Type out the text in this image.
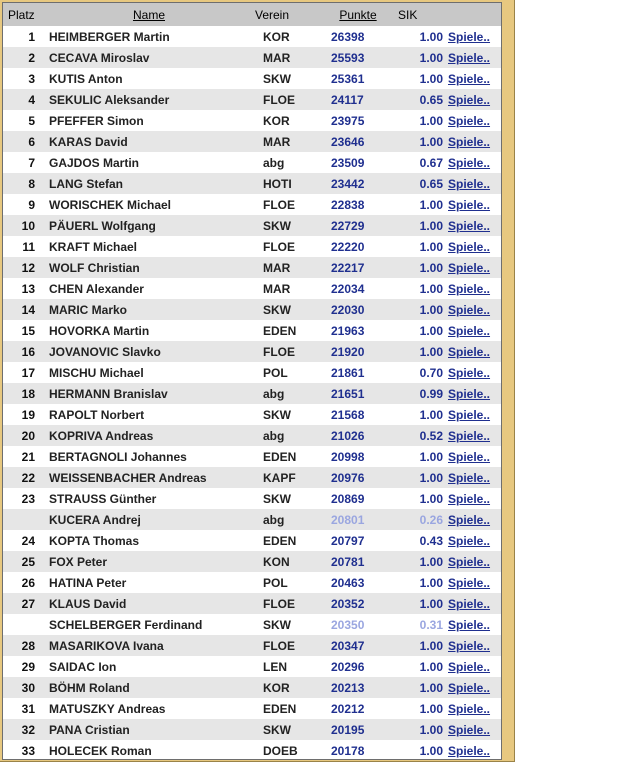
Platz	Name	Verein	Punkte	SIK	
1	HEIMBERGER Martin	KOR	26398	1.00	Spiele..
2	CECAVA Miroslav	MAR	25593	1.00	Spiele..
3	KUTIS Anton	SKW	25361	1.00	Spiele..
4	SEKULIC Aleksander	FLOE	24117	0.65	Spiele..
5	PFEFFER Simon	KOR	23975	1.00	Spiele..
6	KARAS David	MAR	23646	1.00	Spiele..
7	GAJDOS Martin	abg	23509	0.67	Spiele..
8	LANG Stefan	HOTI	23442	0.65	Spiele..
9	WORISCHEK Michael	FLOE	22838	1.00	Spiele..
10	PÄUERL Wolfgang	SKW	22729	1.00	Spiele..
11	KRAFT Michael	FLOE	22220	1.00	Spiele..
12	WOLF Christian	MAR	22217	1.00	Spiele..
13	CHEN Alexander	MAR	22034	1.00	Spiele..
14	MARIC Marko	SKW	22030	1.00	Spiele..
15	HOVORKA Martin	EDEN	21963	1.00	Spiele..
16	JOVANOVIC Slavko	FLOE	21920	1.00	Spiele..
17	MISCHU Michael	POL	21861	0.70	Spiele..
18	HERMANN Branislav	abg	21651	0.99	Spiele..
19	RAPOLT Norbert	SKW	21568	1.00	Spiele..
20	KOPRIVA Andreas	abg	21026	0.52	Spiele..
21	BERTAGNOLI Johannes	EDEN	20998	1.00	Spiele..
22	WEISSENBACHER Andreas	KAPF	20976	1.00	Spiele..
23	STRAUSS Günther	SKW	20869	1.00	Spiele..
	KUCERA Andrej	abg	20801	0.26	Spiele..
24	KOPTA Thomas	EDEN	20797	0.43	Spiele..
25	FOX Peter	KON	20781	1.00	Spiele..
26	HATINA Peter	POL	20463	1.00	Spiele..
27	KLAUS David	FLOE	20352	1.00	Spiele..
	SCHELBERGER Ferdinand	SKW	20350	0.31	Spiele..
28	MASARIKOVA Ivana	FLOE	20347	1.00	Spiele..
29	SAIDAC Ion	LEN	20296	1.00	Spiele..
30	BÖHM Roland	KOR	20213	1.00	Spiele..
31	MATUSZKY Andreas	EDEN	20212	1.00	Spiele..
32	PANA Cristian	SKW	20195	1.00	Spiele..
33	HOLECEK Roman	DOEB	20178	1.00	Spiele..
